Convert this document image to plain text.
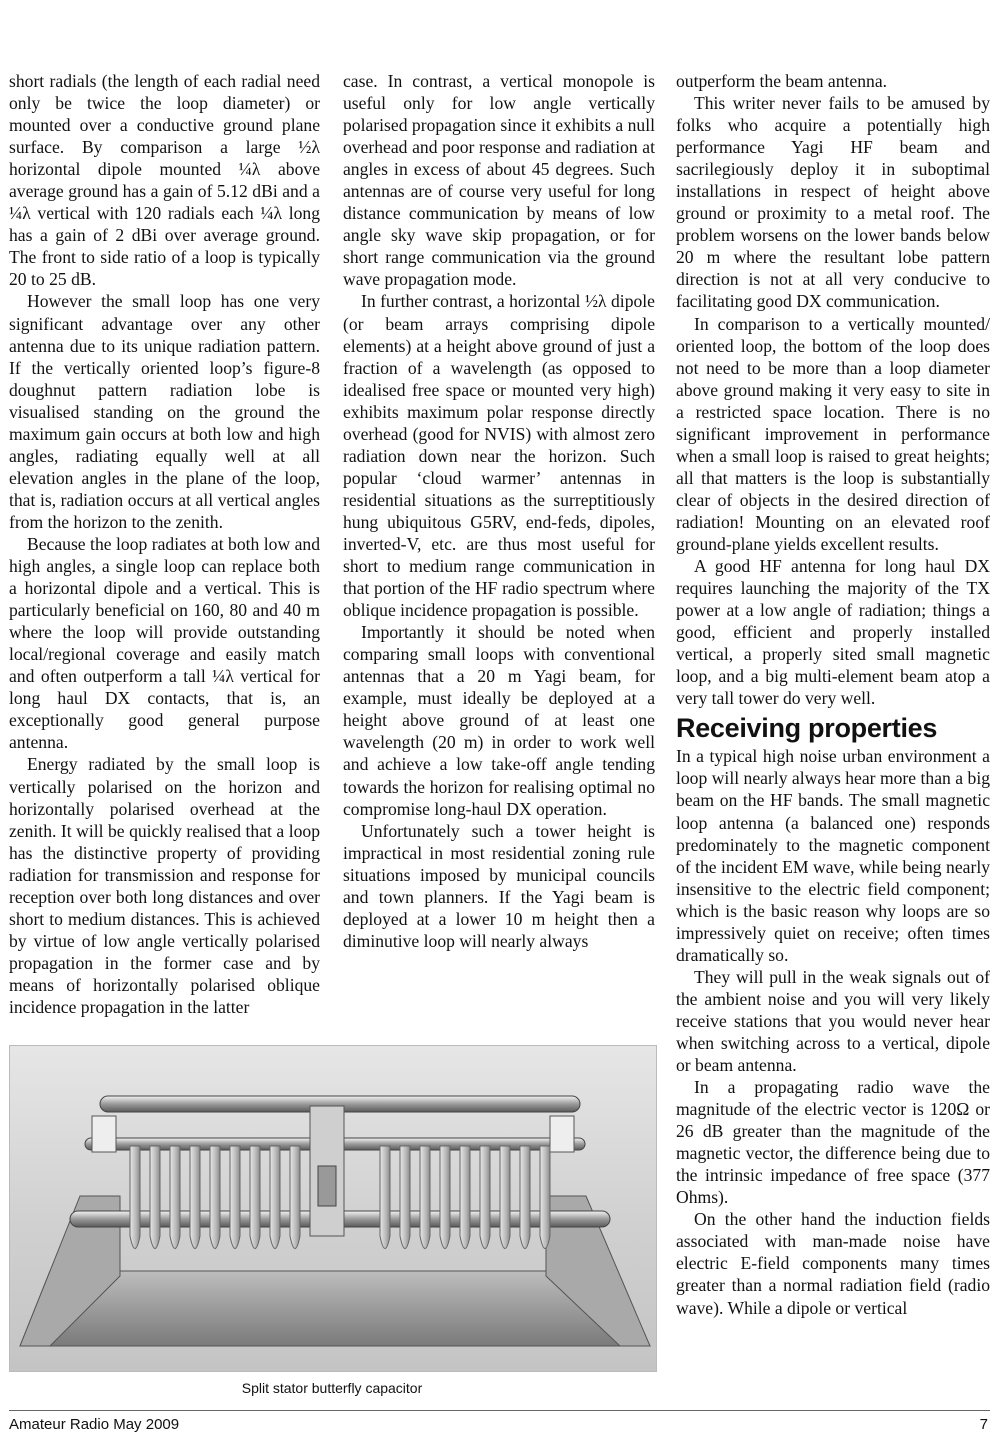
short radials (the length of each radial need only be twice the loop diameter) or mounted over a conductive ground plane surface. By comparison a large ½λ horizontal dipole mounted ¼λ above average ground has a gain of 5.12 dBi and a ¼λ vertical with 120 radials each ¼λ long has a gain of 2 dBi over average ground. The front to side ratio of a loop is typically 20 to 25 dB.

However the small loop has one very significant advantage over any other antenna due to its unique radiation pattern. If the vertically oriented loop’s figure-8 doughnut pattern radiation lobe is visualised standing on the ground the maximum gain occurs at both low and high angles, radiating equally well at all elevation angles in the plane of the loop, that is, radiation occurs at all vertical angles from the horizon to the zenith.

Because the loop radiates at both low and high angles, a single loop can replace both a horizontal dipole and a vertical. This is particularly beneficial on 160, 80 and 40 m where the loop will provide outstanding local/regional coverage and easily match and often outperform a tall ¼λ vertical for long haul DX contacts, that is, an exceptionally good general purpose antenna.

Energy radiated by the small loop is vertically polarised on the horizon and horizontally polarised overhead at the zenith. It will be quickly realised that a loop has the distinctive property of providing radiation for transmission and response for reception over both long distances and over short to medium distances. This is achieved by virtue of low angle vertically polarised propagation in the former case and by means of horizontally polarised oblique incidence propagation in the latter

case. In contrast, a vertical monopole is useful only for low angle vertically polarised propagation since it exhibits a null overhead and poor response and radiation at angles in excess of about 45 degrees. Such antennas are of course very useful for long distance communication by means of low angle sky wave skip propagation, or for short range communication via the ground wave propagation mode.

In further contrast, a horizontal ½λ dipole (or beam arrays comprising dipole elements) at a height above ground of just a fraction of a wavelength (as opposed to idealised free space or mounted very high) exhibits maximum polar response directly overhead (good for NVIS) with almost zero radiation down near the horizon. Such popular ‘cloud warmer’ antennas in residential situations as the surreptitiously hung ubiquitous G5RV, end-feds, dipoles, inverted-V, etc. are thus most useful for short to medium range communication in that portion of the HF radio spectrum where oblique incidence propagation is possible.

Importantly it should be noted when comparing small loops with conventional antennas that a 20 m Yagi beam, for example, must ideally be deployed at a height above ground of at least one wavelength (20 m) in order to work well and achieve a low take-off angle tending towards the horizon for realising optimal no compromise long-haul DX operation.

Unfortunately such a tower height is impractical in most residential zoning rule situations imposed by municipal councils and town planners. If the Yagi beam is deployed at a lower 10 m height then a diminutive loop will nearly always

outperform the beam antenna.

This writer never fails to be amused by folks who acquire a potentially high performance Yagi HF beam and sacrilegiously deploy it in suboptimal installations in respect of height above ground or proximity to a metal roof. The problem worsens on the lower bands below 20 m where the resultant lobe pattern direction is not at all very conducive to facilitating good DX communication.

In comparison to a vertically mounted/ oriented loop, the bottom of the loop does not need to be more than a loop diameter above ground making it very easy to site in a restricted space location. There is no significant improvement in performance when a small loop is raised to great heights; all that matters is the loop is substantially clear of objects in the desired direction of radiation! Mounting on an elevated roof ground-plane yields excellent results.

A good HF antenna for long haul DX requires launching the majority of the TX power at a low angle of radiation; things a good, efficient and properly installed vertical, a properly sited small magnetic loop, and a big multi-element beam atop a very tall tower do very well.

Receiving properties

In a typical high noise urban environment a loop will nearly always hear more than a big beam on the HF bands. The small magnetic loop antenna (a balanced one) responds predominately to the magnetic component of the incident EM wave, while being nearly insensitive to the electric field component; which is the basic reason why loops are so impressively quiet on receive; often times dramatically so.

They will pull in the weak signals out of the ambient noise and you will very likely receive stations that you would never hear when switching across to a vertical, dipole or beam antenna.

In a propagating radio wave the magnitude of the electric vector is 120Ω or 26 dB greater than the magnitude of the magnetic vector, the difference being due to the intrinsic impedance of free space (377 Ohms).

On the other hand the induction fields associated with man-made noise have electric E-field components many times greater than a normal radiation field (radio wave). While a dipole or vertical

Split stator butterfly capacitor
Amateur Radio May 2009	7
